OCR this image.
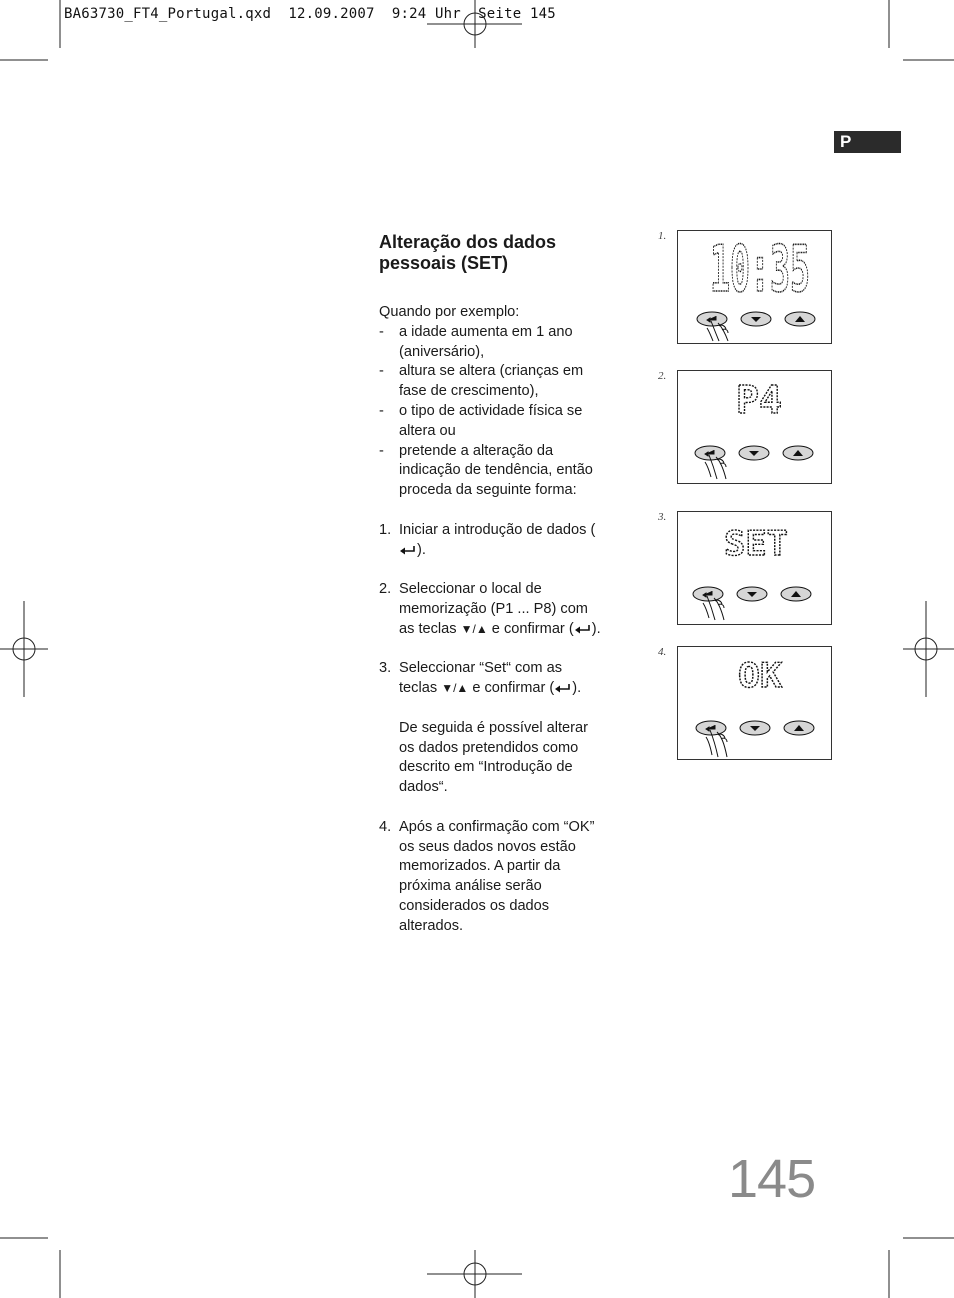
BA63730_FT4_Portugal.qxd  12.09.2007  9:24 Uhr  Seite 145
P
Alteração dos dados pessoais (SET)

Quando por exemplo:

-	a idade aumenta em 1 ano (aniversário),
-	altura se altera (crianças em fase de crescimento),
-	o tipo de actividade física se altera ou
-	pretende a alteração da indicação de tendência, então proceda da seguinte forma:
1. Iniciar a introdução de dados ().
2. Seleccionar o local de memorização (P1 ... P8) com as teclas ▼/▲ e confirmar ( ).
3. Seleccionar “Set“ com as teclas ▼/▲ e confirmar ( ).
De seguida é possível alterar os dados pretendidos como descrito em “Introdução de dados“.
4. Após a confirmação com “OK” os seus dados novos estão memorizados. A partir da próxima análise serão considerados os dados alterados.
1. 10:35
2.
P4
3.
SET
4.
OK
145
